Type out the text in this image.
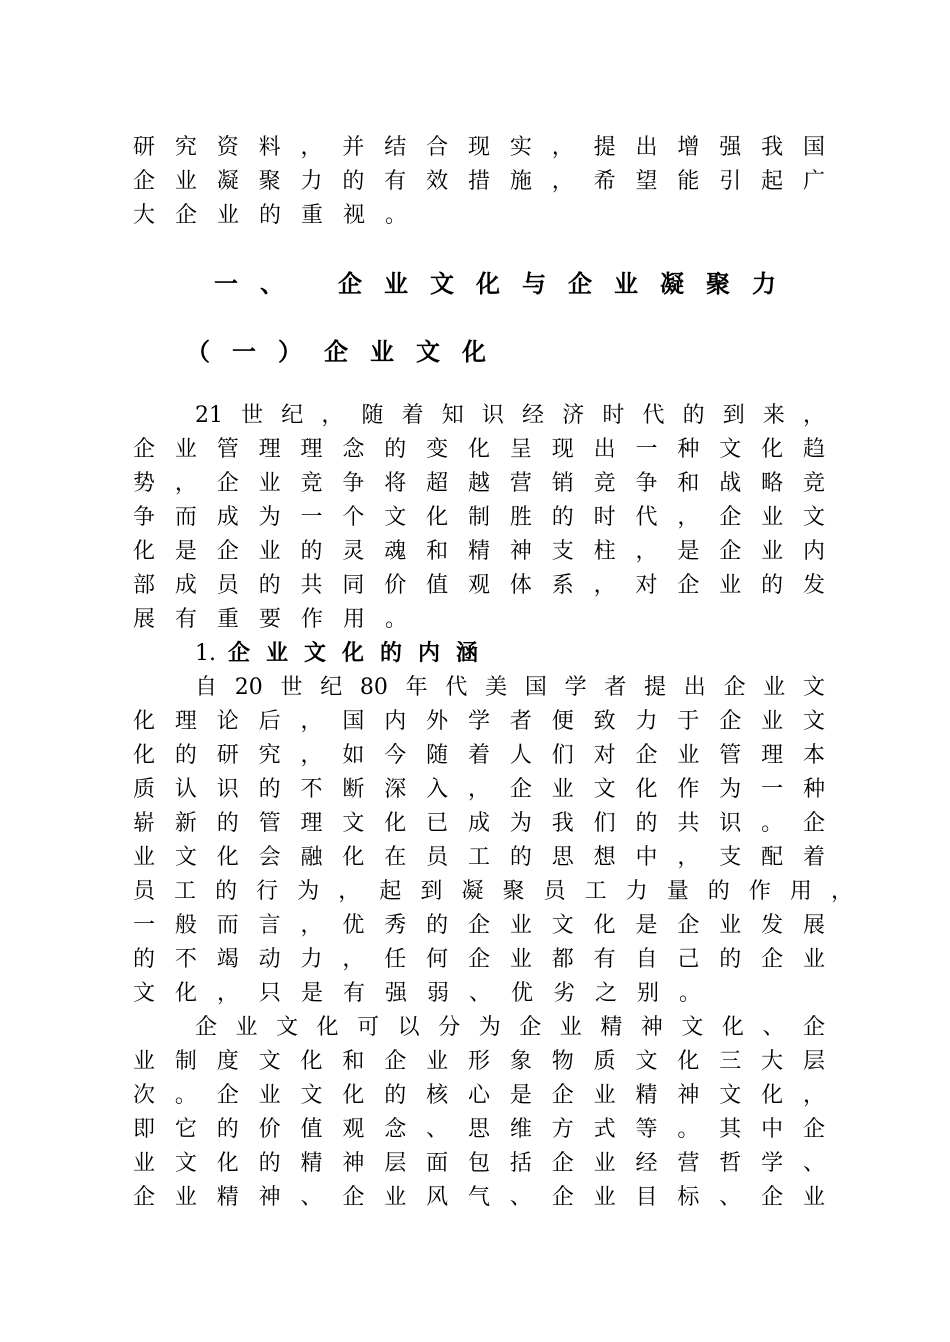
研究资料，并结合现实，提出增强我国
企业凝聚力的有效措施，希望能引起广
大企业的重视。
一、 企业文化与企业凝聚力
（一）企业文化
21世纪，随着知识经济时代的到来，
企业管理理念的变化呈现出一种文化趋
势，企业竞争将超越营销竞争和战略竞
争而成为一个文化制胜的时代，企业文
化是企业的灵魂和精神支柱，是企业内
部成员的共同价值观体系，对企业的发
展有重要作用。
1. 企业文化的内涵
自20世纪80年代美国学者提出企业文
化理论后，国内外学者便致力于企业文
化的研究，如今随着人们对企业管理本
质认识的不断深入，企业文化作为一种
崭新的管理文化已成为我们的共识。企
业文化会融化在员工的思想中，支配着
员工的行为，起到凝聚员工力量的作用，
一般而言，优秀的企业文化是企业发展
的不竭动力，任何企业都有自己的企业
文化，只是有强弱、优劣之别。
企业文化可以分为企业精神文化、企
业制度文化和企业形象物质文化三大层
次。企业文化的核心是企业精神文化，
即它的价值观念、思维方式等。其中企
业文化的精神层面包括企业经营哲学、
企业精神、企业风气、企业目标、企业
